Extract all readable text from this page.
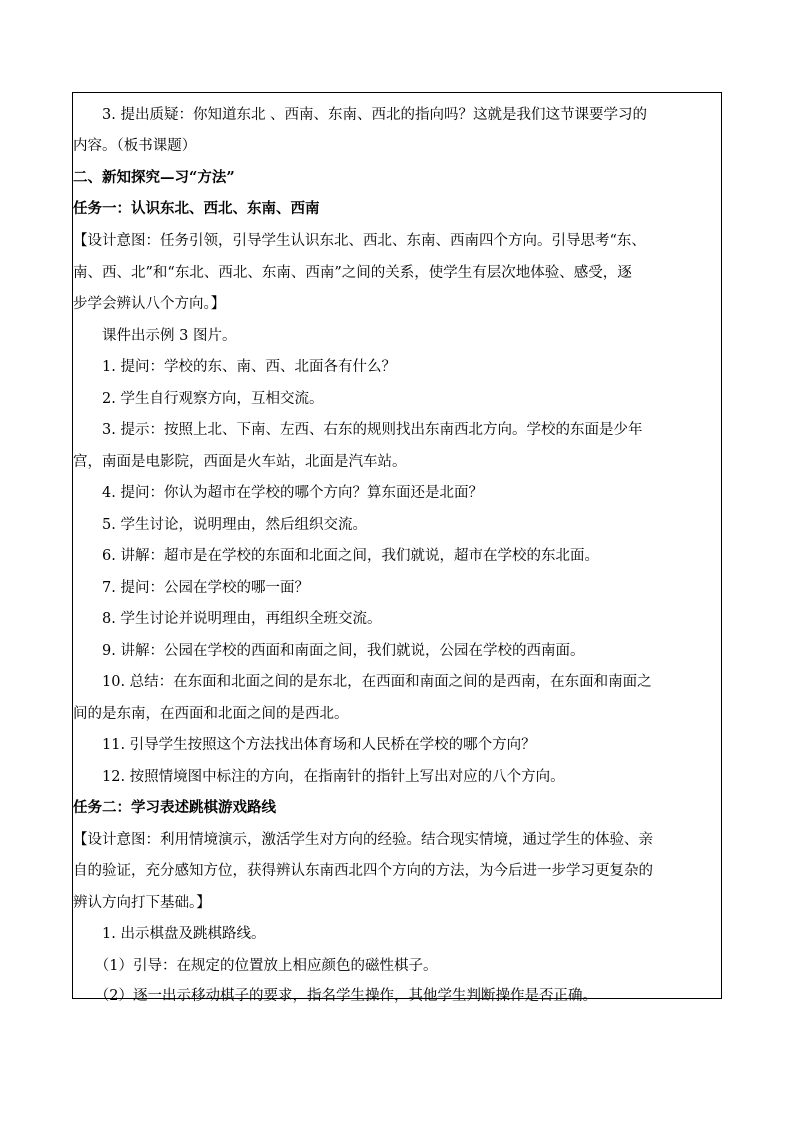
　　3. 提出质疑：你知道东北 、西南、东南、西北的指向吗？这就是我们这节课要学习的
内容。（板书课题）
二、新知探究—习“方法”
任务一：认识东北、西北、东南、西南
【设计意图：任务引领，引导学生认识东北、西北、东南、西南四个方向。引导思考“东、
南、西、北”和“东北、西北、东南、西南”之间的关系，使学生有层次地体验、感受，逐
步学会辨认八个方向。】
　　课件出示例 3 图片。
　　1. 提问：学校的东、南、西、北面各有什么？
　　2. 学生自行观察方向，互相交流。
　　3. 提示：按照上北、下南、左西、右东的规则找出东南西北方向。学校的东面是少年
宫，南面是电影院，西面是火车站，北面是汽车站。
　　4. 提问：你认为超市在学校的哪个方向？算东面还是北面？
　　5. 学生讨论，说明理由，然后组织交流。
　　6. 讲解：超市是在学校的东面和北面之间，我们就说，超市在学校的东北面。
　　7. 提问：公园在学校的哪一面？
　　8. 学生讨论并说明理由，再组织全班交流。
　　9. 讲解：公园在学校的西面和南面之间，我们就说，公园在学校的西南面。
　　10. 总结：在东面和北面之间的是东北，在西面和南面之间的是西南，在东面和南面之
间的是东南，在西面和北面之间的是西北。
　　11. 引导学生按照这个方法找出体育场和人民桥在学校的哪个方向？
　　12. 按照情境图中标注的方向，在指南针的指针上写出对应的八个方向。
任务二：学习表述跳棋游戏路线
【设计意图：利用情境演示，激活学生对方向的经验。结合现实情境，通过学生的体验、亲
自的验证，充分感知方位，获得辨认东南西北四个方向的方法，为今后进一步学习更复杂的
辨认方向打下基础。】
　　1. 出示棋盘及跳棋路线。
　　（1）引导：在规定的位置放上相应颜色的磁性棋子。
　　（2）逐一出示移动棋子的要求，指名学生操作，其他学生判断操作是否正确。
